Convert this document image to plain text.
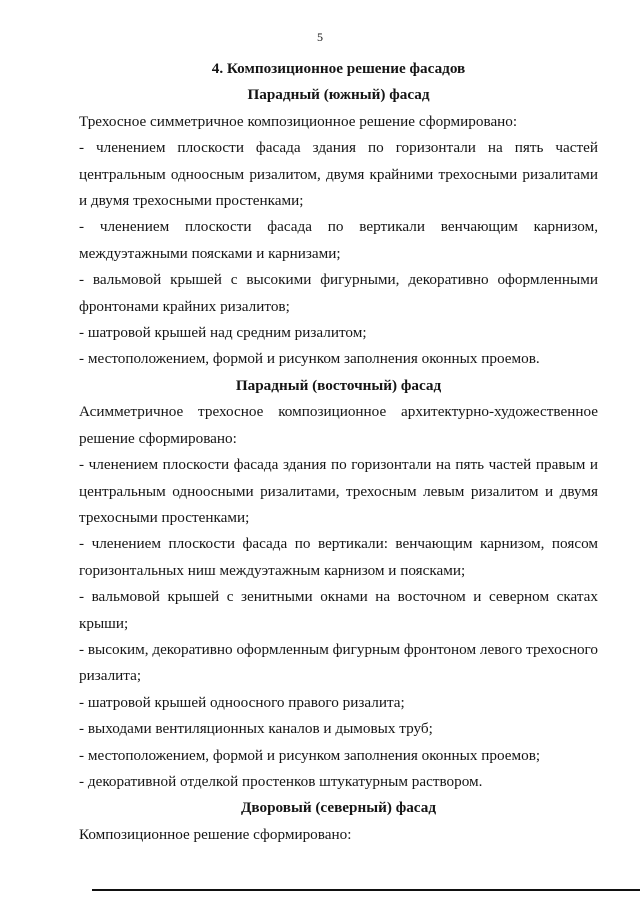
5

4. Композиционное решение фасадов

Парадный (южный) фасад

Трехосное симметричное композиционное решение сформировано:

- членением плоскости фасада здания по горизонтали на пять частей центральным одноосным ризалитом, двумя крайними трехосными ризалитами и двумя трехосными простенками;

- членением плоскости фасада по вертикали венчающим карнизом, междуэтажными поясками и карнизами;

- вальмовой крышей с высокими фигурными, декоративно оформленными фронтонами крайних ризалитов;

- шатровой крышей над средним ризалитом;

- местоположением, формой и рисунком заполнения оконных проемов.

Парадный (восточный) фасад

Асимметричное трехосное композиционное архитектурно-художественное решение сформировано:

- членением плоскости фасада здания по горизонтали на пять частей правым и центральным одноосными ризалитами, трехосным левым ризалитом и двумя трехосными простенками;

- членением плоскости фасада по вертикали: венчающим карнизом, поясом горизонтальных ниш междуэтажным карнизом и поясками;

- вальмовой крышей с зенитными окнами на восточном и северном скатах крыши;

- высоким, декоративно оформленным фигурным фронтоном левого трехосного ризалита;

- шатровой крышей одноосного правого ризалита;

- выходами вентиляционных каналов и дымовых труб;

- местоположением, формой и рисунком заполнения оконных проемов;

- декоративной отделкой простенков штукатурным раствором.

Дворовый (северный) фасад

Композиционное решение сформировано:
